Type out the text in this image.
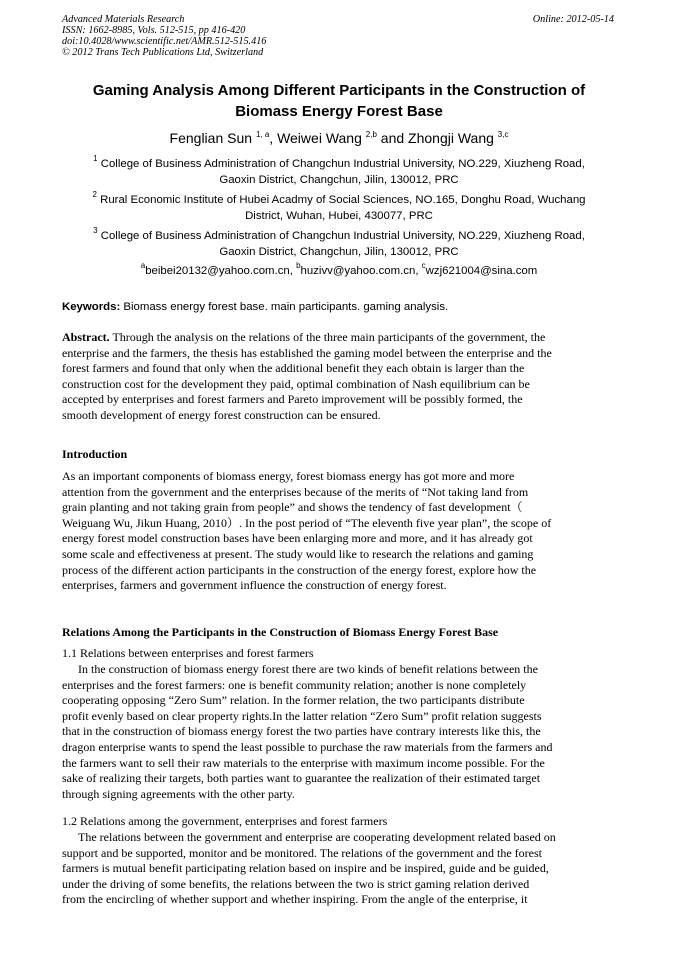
Advanced Materials Research
ISSN: 1662-8985, Vols. 512-515, pp 416-420
doi:10.4028/www.scientific.net/AMR.512-515.416
© 2012 Trans Tech Publications Ltd, Switzerland
Online: 2012-05-14
Gaming Analysis Among Different Participants in the Construction of
Biomass Energy Forest Base
Fenglian Sun $^{1, a}$, Weiwei Wang $^{2,b}$ and Zhongji Wang $^{3,c}$
$^1$ College of Business Administration of Changchun Industrial University, NO.229, Xiuzheng Road,
Gaoxin District, Changchun, Jilin, 130012, PRC
$^2$ Rural Economic Institute of Hubei Acadmy of Social Sciences, NO.165, Donghu Road, Wuchang
District, Wuhan, Hubei, 430077, PRC
$^3$ College of Business Administration of Changchun Industrial University, NO.229, Xiuzheng Road,
Gaoxin District, Changchun, Jilin, 130012, PRC
$^a$beibei20132@yahoo.com.cn, $^b$huzivv@yahoo.com.cn, $^c$wzj621004@sina.com
Keywords: Biomass energy forest base. main participants. gaming analysis.
Abstract. Through the analysis on the relations of the three main participants of the government, the
enterprise and the farmers, the thesis has established the gaming model between the enterprise and the
forest farmers and found that only when the additional benefit they each obtain is larger than the
construction cost for the development they paid, optimal combination of Nash equilibrium can be
accepted by enterprises and forest farmers and Pareto improvement will be possibly formed, the
smooth development of energy forest construction can be ensured.
Introduction
As an important components of biomass energy, forest biomass energy has got more and more
attention from the government and the enterprises because of the merits of “Not taking land from
grain planting and not taking grain from people” and shows the tendency of fast development（
Weiguang Wu, Jikun Huang, 2010）. In the post period of “The eleventh five year plan”, the scope of
energy forest model construction bases have been enlarging more and more, and it has already got
some scale and effectiveness at present. The study would like to research the relations and gaming
process of the different action participants in the construction of the energy forest, explore how the
enterprises, farmers and government influence the construction of energy forest.
Relations Among the Participants in the Construction of Biomass Energy Forest Base
1.1 Relations between enterprises and forest farmers
In the construction of biomass energy forest there are two kinds of benefit relations between the
enterprises and the forest farmers: one is benefit community relation; another is none completely
cooperating opposing “Zero Sum” relation. In the former relation, the two participants distribute
profit evenly based on clear property rights.In the latter relation “Zero Sum” profit relation suggests
that in the construction of biomass energy forest the two parties have contrary interests like this, the
dragon enterprise wants to spend the least possible to purchase the raw materials from the farmers and
the farmers want to sell their raw materials to the enterprise with maximum income possible. For the
sake of realizing their targets, both parties want to guarantee the realization of their estimated target
through signing agreements with the other party.
1.2 Relations among the government, enterprises and forest farmers
The relations between the government and enterprise are cooperating development related based on
support and be supported, monitor and be monitored. The relations of the government and the forest
farmers is mutual benefit participating relation based on inspire and be inspired, guide and be guided,
under the driving of some benefits, the relations between the two is strict gaming relation derived
from the encircling of whether support and whether inspiring. From the angle of the enterprise, it
